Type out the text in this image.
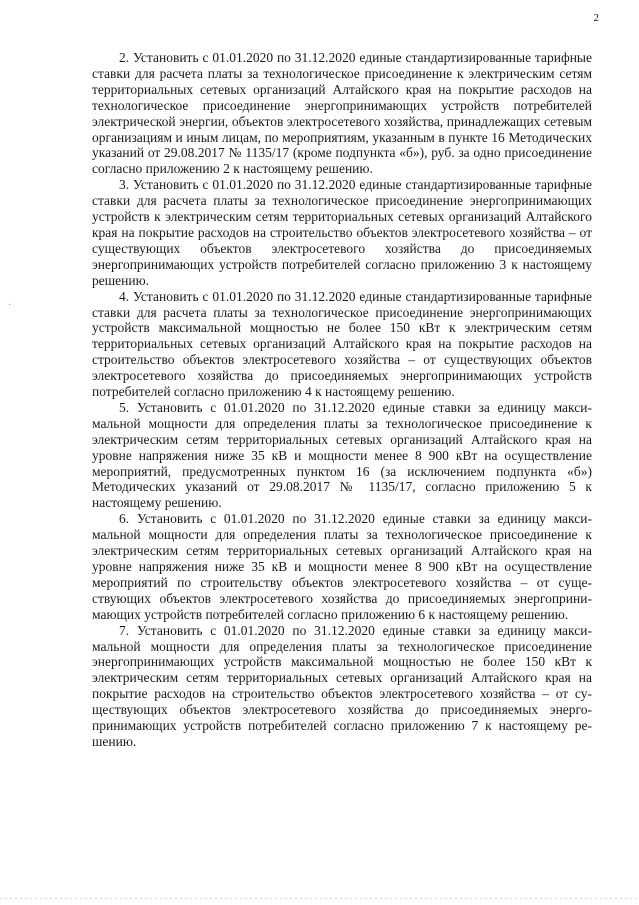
2
·

2. Установить с 01.01.2020 по 31.12.2020 единые стандартизированные тарифные ставки для расчета платы за технологическое присоединение к электрическим сетям территориальных сетевых организаций Алтайского края на покрытие расходов на технологическое присоединение энергопринимающих устройств потребителей электрической энергии, объектов электросетевого хозяйства, принадлежащих сетевым организациям и иным лицам, по мероприятиям, указанным в пункте 16 Методических указаний от 29.08.2017 № 1135/17 (кроме подпункта «б»), руб. за одно присоединение согласно приложению 2 к настоящему решению.

3. Установить с 01.01.2020 по 31.12.2020 единые стандартизированные тарифные ставки для расчета платы за технологическое присоединение энергопринимающих устройств к электрическим сетям территориальных сетевых организаций Алтайского края на покрытие расходов на строительство объектов электросетевого хозяйства – от существующих объектов электросетевого хозяйства до присоединяемых энергопринимающих устройств потребителей согласно приложению 3 к настоящему решению.

4. Установить с 01.01.2020 по 31.12.2020 единые стандартизированные тарифные ставки для расчета платы за технологическое присоединение энергопринимающих устройств максимальной мощностью не более 150 кВт к электрическим сетям территориальных сетевых организаций Алтайского края на покрытие расходов на строительство объектов электросетевого хозяйства – от существующих объектов электросетевого хозяйства до присоединяемых энергопринимающих устройств потребителей согласно приложению 4 к настоящему решению.

5. Установить с 01.01.2020 по 31.12.2020 единые ставки за единицу максимальной мощности для определения платы за технологическое присоединение к электрическим сетям территориальных сетевых организаций Алтайского края на уровне напряжения ниже 35 кВ и мощности менее 8 900 кВт на осуществление мероприятий, предусмотренных пунктом 16 (за исключением подпункта «б») Методических указаний от 29.08.2017 № 1135/17, согласно приложению 5 к настоящему решению.

6. Установить с 01.01.2020 по 31.12.2020 единые ставки за единицу максимальной мощности для определения платы за технологическое присоединение к электрическим сетям территориальных сетевых организаций Алтайского края на уровне напряжения ниже 35 кВ и мощности менее 8 900 кВт на осуществление мероприятий по строительству объектов электросетевого хозяйства – от существующих объектов электросетевого хозяйства до присоединяемых энергопринимающих устройств потребителей согласно приложению 6 к настоящему решению.

7. Установить с 01.01.2020 по 31.12.2020 единые ставки за единицу максимальной мощности для определения платы за технологическое присоединение энергопринимающих устройств максимальной мощностью не более 150 кВт к электрическим сетям территориальных сетевых организаций Алтайского края на покрытие расходов на строительство объектов электросетевого хозяйства – от существующих объектов электросетевого хозяйства до присоединяемых энергопринимающих устройств потребителей согласно приложению 7 к настоящему решению.
